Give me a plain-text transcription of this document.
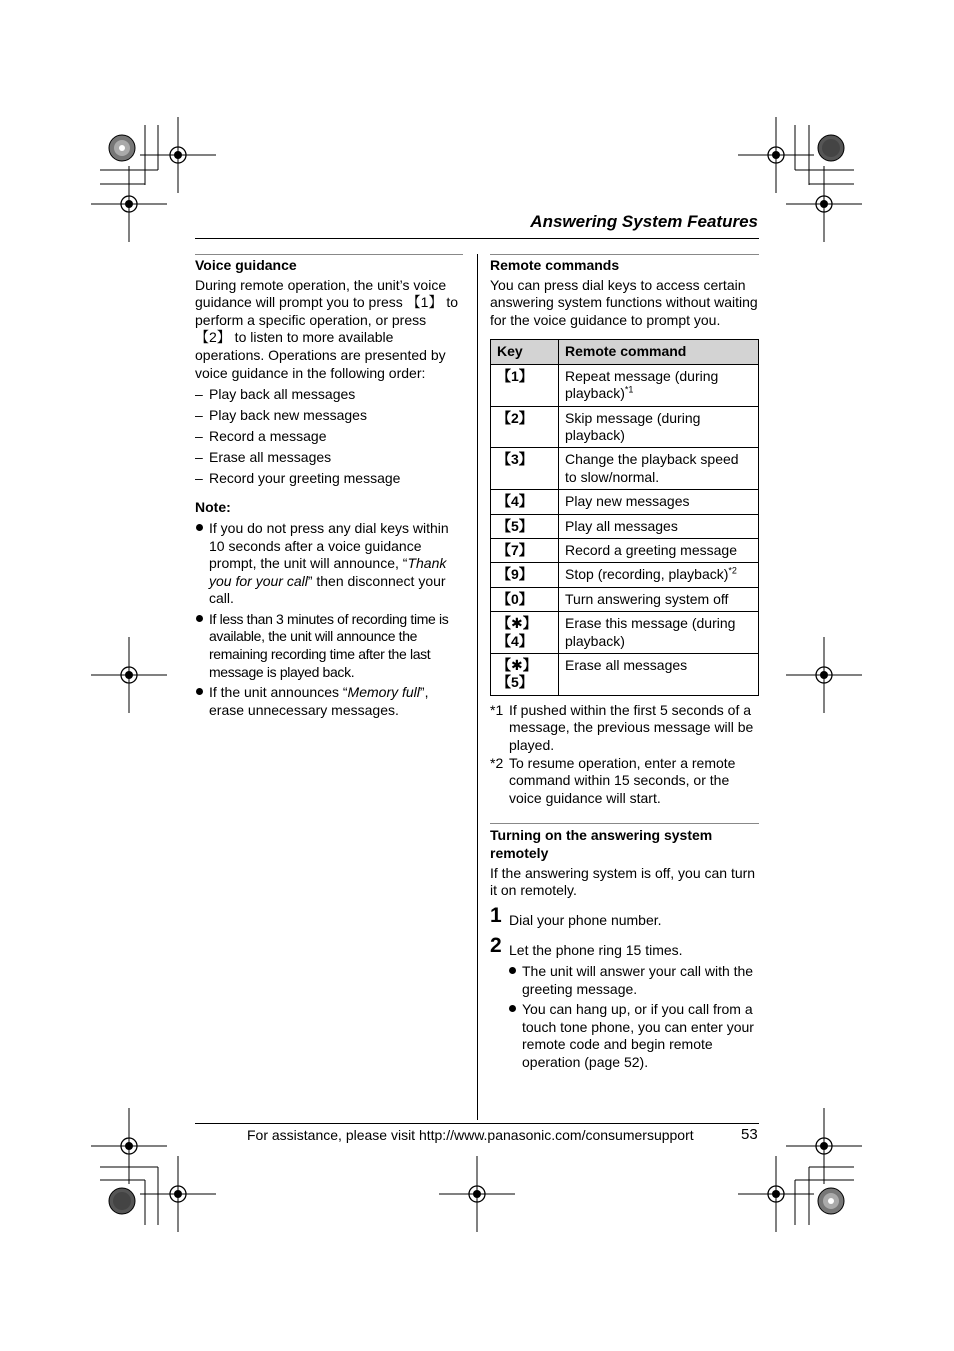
Answering System Features
Voice guidance

During remote operation, the unit’s voice guidance will prompt you to press 【1】 to perform a specific operation, or press 【2】 to listen to more available operations. Operations are presented by voice guidance in the following order:

– Play back all messages
– Play back new messages
– Record a message
– Erase all messages
– Record your greeting message
Note:
If you do not press any dial keys within 10 seconds after a voice guidance prompt, the unit will announce, “Thank you for your call” then disconnect your call.
If less than 3 minutes of recording time is available, the unit will announce the remaining recording time after the last message is played back.
If the unit announces “Memory full”, erase unnecessary messages.
Remote commands

You can press dial keys to access certain answering system functions without waiting for the voice guidance to prompt you.

Key	Remote command
【1】	Repeat message (during playback)$^{*1}$
【2】	Skip message (during playback)
【3】	Change the playback speed to slow/normal.
【4】	Play new messages
【5】	Play all messages
【7】	Record a greeting message
【9】	Stop (recording, playback)$^{*2}$
【0】	Turn answering system off
【✱】【4】	Erase this message (during playback)
【✱】【5】	Erase all messages
*1 If pushed within the first 5 seconds of a message, the previous message will be played.
*2 To resume operation, enter a remote command within 15 seconds, or the voice guidance will start.
Turning on the answering system remotely

If the answering system is off, you can turn it on remotely.

1 Dial your phone number.
2 Let the phone ring 15 times.
The unit will answer your call with the greeting message.
You can hang up, or if you call from a touch tone phone, you can enter your remote code and begin remote operation (page 52).
For assistance, please visit http://www.panasonic.com/consumersupport	53
